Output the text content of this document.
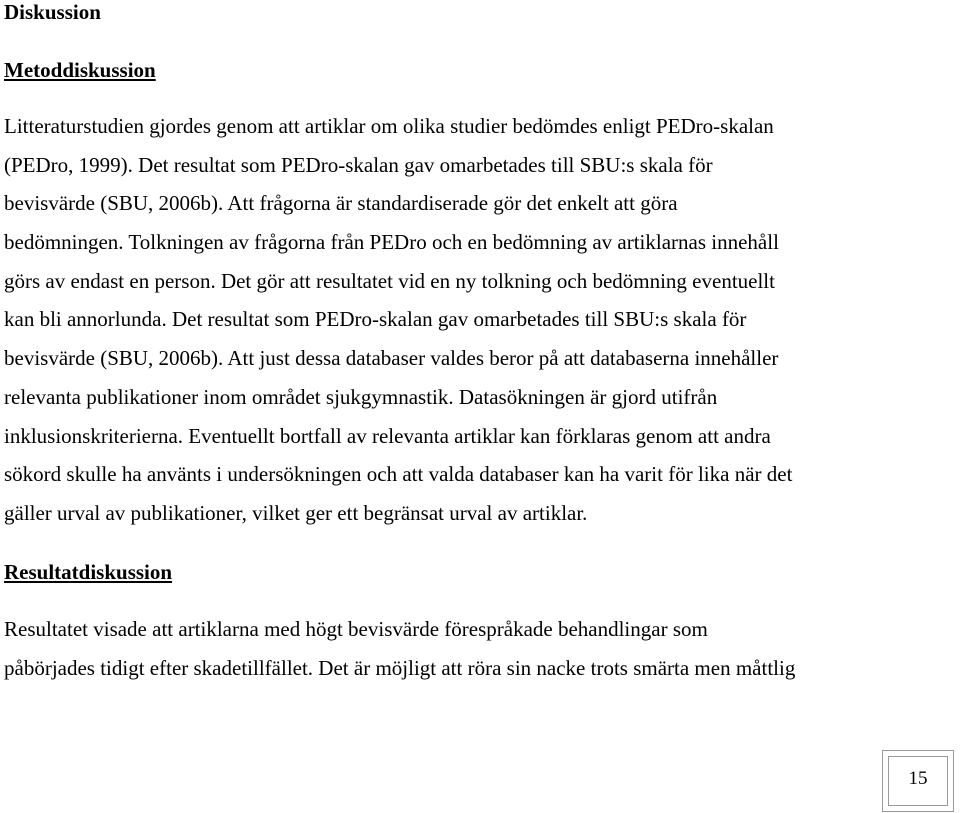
Diskussion
Metoddiskussion
Litteraturstudien gjordes genom att artiklar om olika studier bedömdes enligt PEDro-skalan
(PEDro, 1999). Det resultat som PEDro-skalan gav omarbetades till SBU:s skala för
bevisvärde (SBU, 2006b). Att frågorna är standardiserade gör det enkelt att göra
bedömningen. Tolkningen av frågorna från PEDro och en bedömning av artiklarnas innehåll
görs av endast en person. Det gör att resultatet vid en ny tolkning och bedömning eventuellt
kan bli annorlunda. Det resultat som PEDro-skalan gav omarbetades till SBU:s skala för
bevisvärde (SBU, 2006b). Att just dessa databaser valdes beror på att databaserna innehåller
relevanta publikationer inom området sjukgymnastik. Datasökningen är gjord utifrån
inklusionskriterierna. Eventuellt bortfall av relevanta artiklar kan förklaras genom att andra
sökord skulle ha använts i undersökningen och att valda databaser kan ha varit för lika när det
gäller urval av publikationer, vilket ger ett begränsat urval av artiklar.
Resultatdiskussion
Resultatet visade att artiklarna med högt bevisvärde förespråkade behandlingar som
påbörjades tidigt efter skadetillfället. Det är möjligt att röra sin nacke trots smärta men måttlig
15
